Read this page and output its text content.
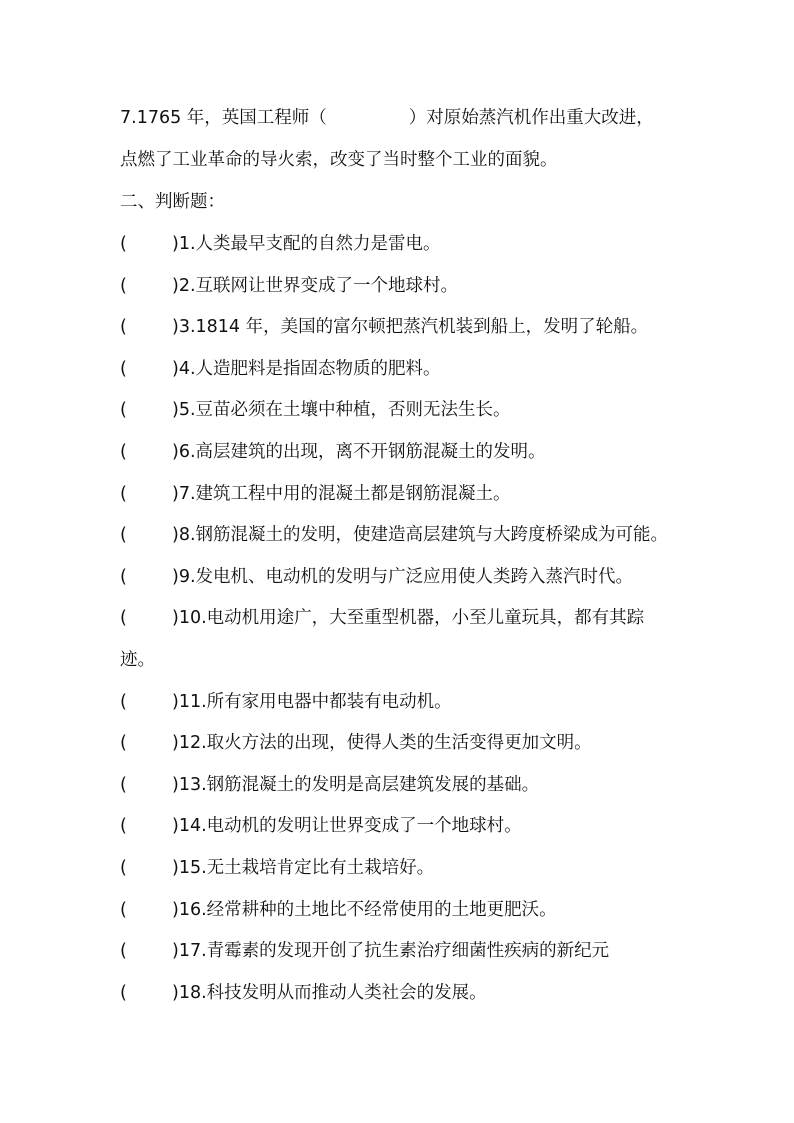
7.1765 年，英国工程师（	）对原始蒸汽机作出重大改进，
点燃了工业革命的导火索，改变了当时整个工业的面貌。
二、判断题：
(	)1.人类最早支配的自然力是雷电。
(	)2.互联网让世界变成了一个地球村。
(	)3.1814 年，美国的富尔顿把蒸汽机装到船上，发明了轮船。
(	)4.人造肥料是指固态物质的肥料。
(	)5.豆苗必须在土壤中种植，否则无法生长。
(	)6.高层建筑的出现，离不开钢筋混凝土的发明。
(	)7.建筑工程中用的混凝土都是钢筋混凝土。
(	)8.钢筋混凝土的发明，使建造高层建筑与大跨度桥梁成为可能。
(	)9.发电机、电动机的发明与广泛应用使人类跨入蒸汽时代。
(	)10.电动机用途广，大至重型机器，小至儿童玩具，都有其踪
迹。
(	)11.所有家用电器中都装有电动机。
(	)12.取火方法的出现，使得人类的生活变得更加文明。
(	)13.钢筋混凝土的发明是高层建筑发展的基础。
(	)14.电动机的发明让世界变成了一个地球村。
(	)15.无土栽培肯定比有土栽培好。
(	)16.经常耕种的土地比不经常使用的土地更肥沃。
(	)17.青霉素的发现开创了抗生素治疗细菌性疾病的新纪元
(	)18.科技发明从而推动人类社会的发展。
